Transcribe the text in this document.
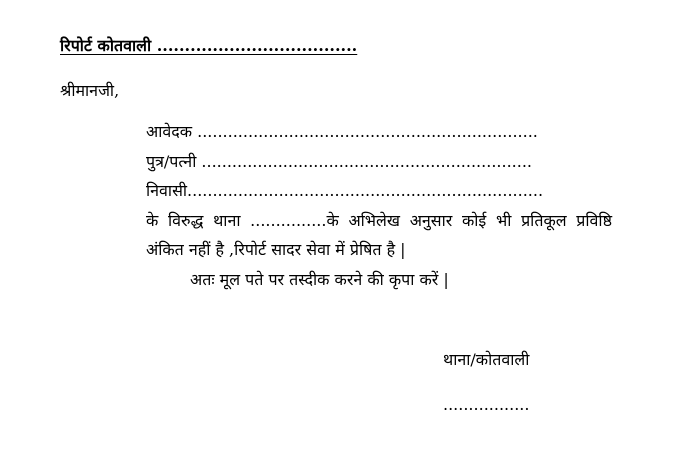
रिपोर्ट कोतवाली ....................................
श्रीमानजी,
आवेदक ...................................................................
पुत्र/पत्नी .................................................................
निवासी......................................................................
के विरुद्ध थाना ...............के अभिलेख अनुसार कोई भी प्रतिकूल प्रविष्ठि
अंकित नहीं है ,रिपोर्ट सादर सेवा में प्रेषित है |
अतः मूल पते पर तस्दीक करने की कृपा करें |
थाना/कोतवाली
.................
